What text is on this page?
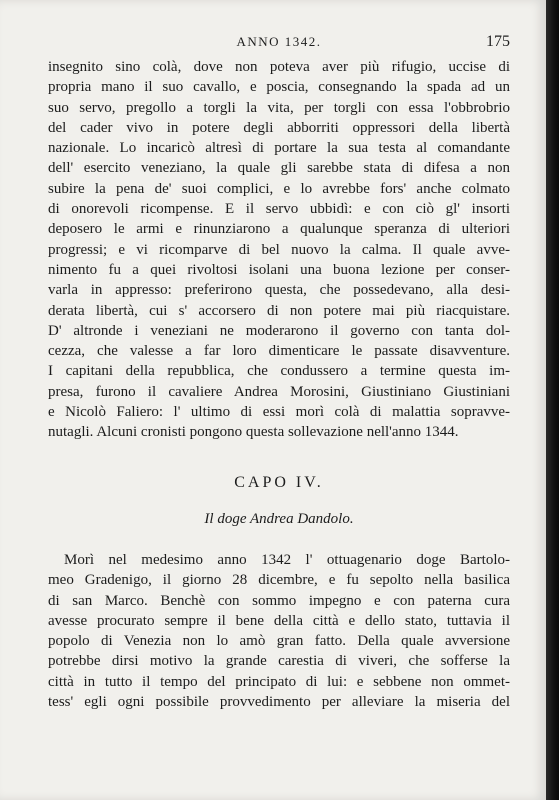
ANNO 1342.	175
insegnito sino colà, dove non poteva aver più rifugio, uccise di
propria mano il suo cavallo, e poscia, consegnando la spada ad un
suo servo, pregollo a torgli la vita, per torgli con essa l'obbrobrio
del cader vivo in potere degli abborriti oppressori della libertà
nazionale. Lo incaricò altresì di portare la sua testa al comandante
dell' esercito veneziano, la quale gli sarebbe stata di difesa a non
subire la pena de' suoi complici, e lo avrebbe fors' anche colmato
di onorevoli ricompense. E il servo ubbidì: e con ciò gl' insorti
deposero le armi e rinunziarono a qualunque speranza di ulteriori
progressi; e vi ricomparve di bel nuovo la calma. Il quale avve-
nimento fu a quei rivoltosi isolani una buona lezione per conser-
varla in appresso: preferirono questa, che possedevano, alla desi-
derata libertà, cui s' accorsero di non potere mai più riacquistare.
D' altronde i veneziani ne moderarono il governo con tanta dol-
cezza, che valesse a far loro dimenticare le passate disavventure.
I capitani della repubblica, che condussero a termine questa im-
presa, furono il cavaliere Andrea Morosini, Giustiniano Giustiniani
e Nicolò Faliero: l' ultimo di essi morì colà di malattia sopravve-
nutagli. Alcuni cronisti pongono questa sollevazione nell'anno 1344.
CAPO IV.
Il doge Andrea Dandolo.
Morì nel medesimo anno 1342 l' ottuagenario doge Bartolo-
meo Gradenigo, il giorno 28 dicembre, e fu sepolto nella basilica
di san Marco. Benchè con sommo impegno e con paterna cura
avesse procurato sempre il bene della città e dello stato, tuttavia il
popolo di Venezia non lo amò gran fatto. Della quale avversione
potrebbe dirsi motivo la grande carestia di viveri, che sofferse la
città in tutto il tempo del principato di lui: e sebbene non ommet-
tess' egli ogni possibile provvedimento per alleviare la miseria del
